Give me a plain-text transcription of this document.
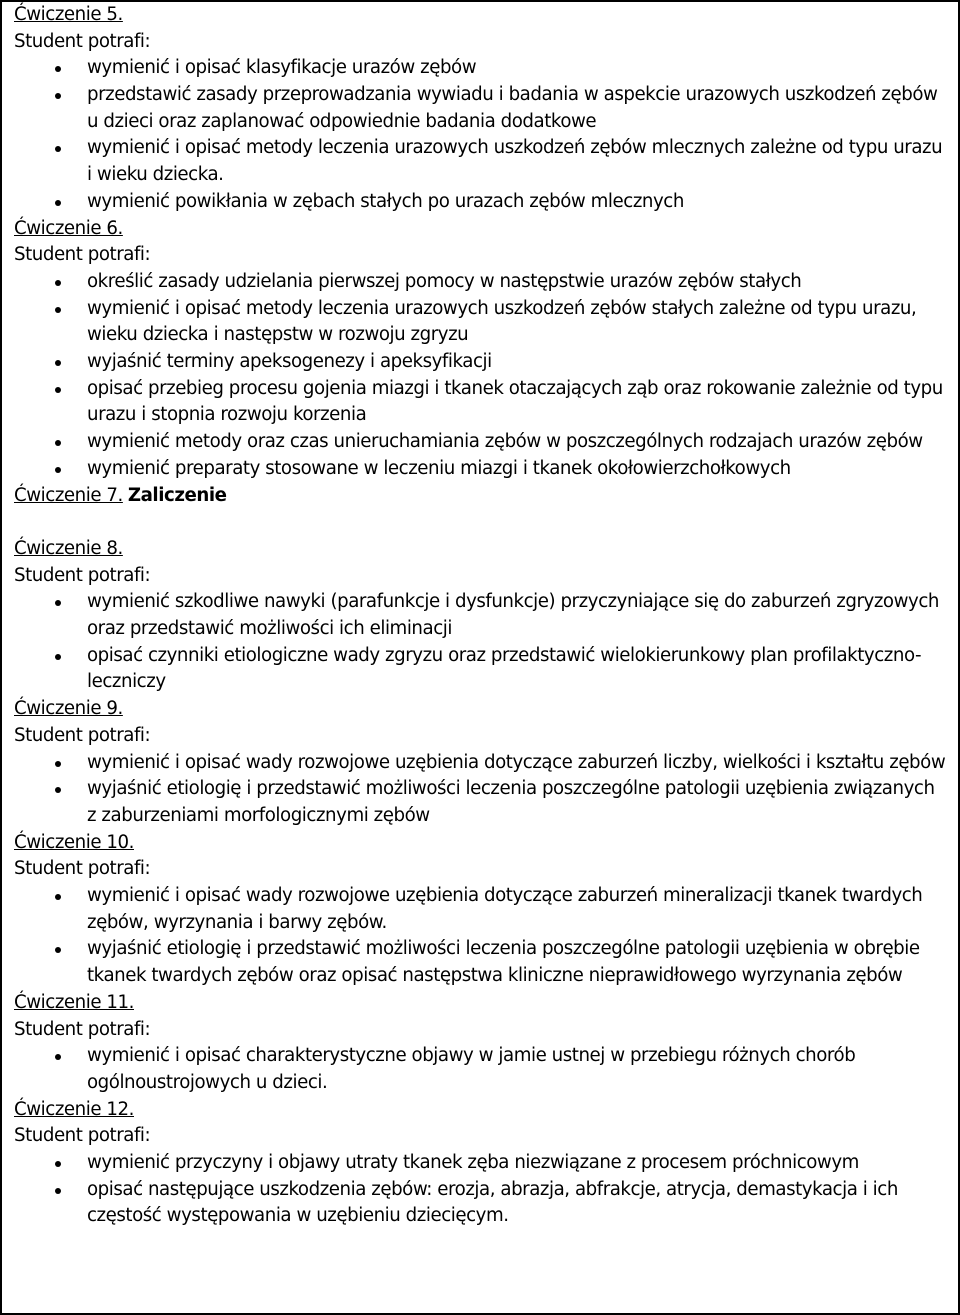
Ćwiczenie 5.
Student potrafi:
wymienić i opisać klasyfikacje urazów zębów
przedstawić zasady przeprowadzania wywiadu i badania w aspekcie urazowych uszkodzeń zębów u dzieci oraz zaplanować odpowiednie badania dodatkowe
wymienić i opisać metody leczenia urazowych uszkodzeń zębów mlecznych zależne od typu urazu i wieku dziecka.
wymienić powikłania w zębach stałych po urazach zębów mlecznych
Ćwiczenie 6.
Student potrafi:
określić zasady udzielania pierwszej pomocy w następstwie urazów zębów stałych
wymienić i opisać metody leczenia urazowych uszkodzeń zębów stałych zależne od typu urazu, wieku dziecka i następstw w rozwoju zgryzu
wyjaśnić terminy apeksogenezy i apeksyfikacji
opisać przebieg procesu gojenia miazgi i tkanek otaczających ząb oraz rokowanie zależnie od typu urazu i stopnia rozwoju korzenia
wymienić metody oraz czas unieruchamiania zębów w poszczególnych rodzajach urazów zębów
wymienić preparaty stosowane w leczeniu miazgi i tkanek okołowierzchołkowych
Ćwiczenie 7. Zaliczenie
Ćwiczenie 8.
Student potrafi:
wymienić szkodliwe nawyki (parafunkcje i dysfunkcje) przyczyniające się do zaburzeń zgryzowych oraz przedstawić możliwości ich eliminacji
opisać czynniki etiologiczne wady zgryzu oraz przedstawić wielokierunkowy plan profilaktyczno-leczniczy
Ćwiczenie 9.
Student potrafi:
wymienić i opisać wady rozwojowe uzębienia dotyczące zaburzeń liczby, wielkości i kształtu zębów
wyjaśnić etiologię i przedstawić możliwości leczenia poszczególne patologii uzębienia związanych z zaburzeniami morfologicznymi zębów
Ćwiczenie 10.
Student potrafi:
wymienić i opisać wady rozwojowe uzębienia dotyczące zaburzeń mineralizacji tkanek twardych zębów, wyrzynania i barwy zębów.
wyjaśnić etiologię i przedstawić możliwości leczenia poszczególne patologii uzębienia w obrębie tkanek twardych zębów oraz opisać następstwa kliniczne nieprawidłowego wyrzynania zębów
Ćwiczenie 11.
Student potrafi:
wymienić i opisać charakterystyczne objawy w jamie ustnej w przebiegu różnych chorób ogólnoustrojowych u dzieci.
Ćwiczenie 12.
Student potrafi:
wymienić przyczyny i objawy utraty tkanek zęba niezwiązane z procesem próchnicowym
opisać następujące uszkodzenia zębów: erozja, abrazja, abfrakcje, atrycja, demastykacja i ich częstość występowania w uzębieniu dziecięcym.
